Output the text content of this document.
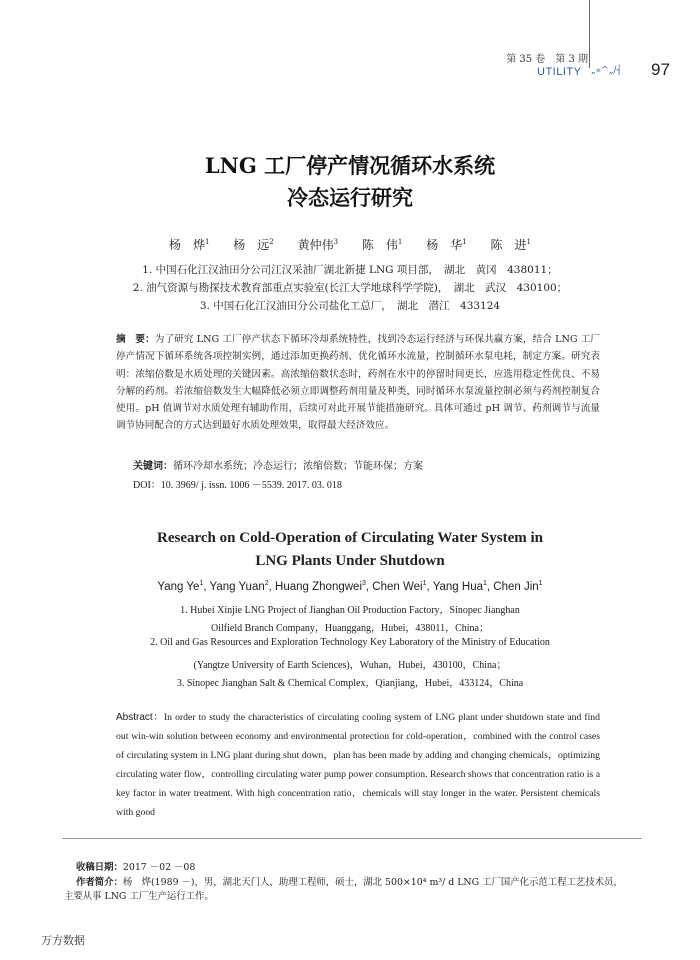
第 35 卷　第 3 期
UTILITY „«^„/┤ 97
LNG 工厂停产情况循环水系统
冷态运行研究
杨　烨$^1$ 杨　远$^2$ 黄仲伟$^3$ 陈　伟$^1$ 杨　华$^1$ 陈　进$^1$
1. 中国石化江汉油田分公司江汉采油厂湖北新捷 LNG 项目部，　湖北　黄冈　438011；
2. 油气资源与勘探技术教育部重点实验室(长江大学地球科学学院)，　湖北　武汉　430100；
3. 中国石化江汉油田分公司盐化工总厂，　湖北　潜江　433124
摘　要：为了研究 LNG 工厂停产状态下循环冷却系统特性，找到冷态运行经济与环保共赢方案，结合 LNG 工厂停产情况下循环系统各项控制实例，通过添加更换药剂、优化循环水流量，控制循环水泵电耗，制定方案。研究表明：浓缩倍数是水质处理的关键因素。高浓缩倍数状态时，药剂在水中的停留时间更长，应选用稳定性优良、不易分解的药剂。若浓缩倍数发生大幅降低必须立即调整药剂用量及种类，同时循环水泵流量控制必须与药剂控制复合使用。pH 值调节对水质处理有辅助作用，后续可对此开展节能措施研究。具体可通过 pH 调节、药剂调节与流量调节协同配合的方式达到最好水质处理效果，取得最大经济效应。
关键词：循环冷却水系统；冷态运行；浓缩倍数；节能环保；方案
DOI：10. 3969/ j. issn. 1006 －5539. 2017. 03. 018
Research on Cold-Operation of Circulating Water System in
LNG Plants Under Shutdown
Yang Ye$^1$, Yang Yuan$^2$, Huang Zhongwei$^3$, Chen Wei$^1$, Yang Hua$^1$, Chen Jin$^1$
1. Hubei Xinjie LNG Project of Jianghan Oil Production Factory，Sinopec Jianghan
Oilfield Branch Company，Huanggang，Hubei，438011，China；
2. Oil and Gas Resources and Exploration Technology Key Laboratory of the Ministry of Education
(Yangtze University of Earth Sciences)，Wuhan，Hubei，430100，China；
3. Sinopec Jianghan Salt & Chemical Complex，Qianjiang，Hubei，433124，China
Abstract：In order to study the characteristics of circulating cooling system of LNG plant under shutdown state and find out win-win solution between economy and environmental protection for cold-operation，combined with the control cases of circulating system in LNG plant during shut down，plan has been made by adding and changing chemicals，optimizing circulating water flow，controlling circulating water pump power consumption. Research shows that concentration ratio is a key factor in water treatment. With high concentration ratio，chemicals will stay longer in the water. Persistent chemicals with good
收稿日期：2017 －02 －08
作者简介：杨　烨(1989 －)，男，湖北天门人，助理工程师，硕士，湖北 500×10⁴ m³/ d LNG 工厂国产化示范工程工艺技术员，
主要从事 LNG 工厂生产运行工作。
万方数据
